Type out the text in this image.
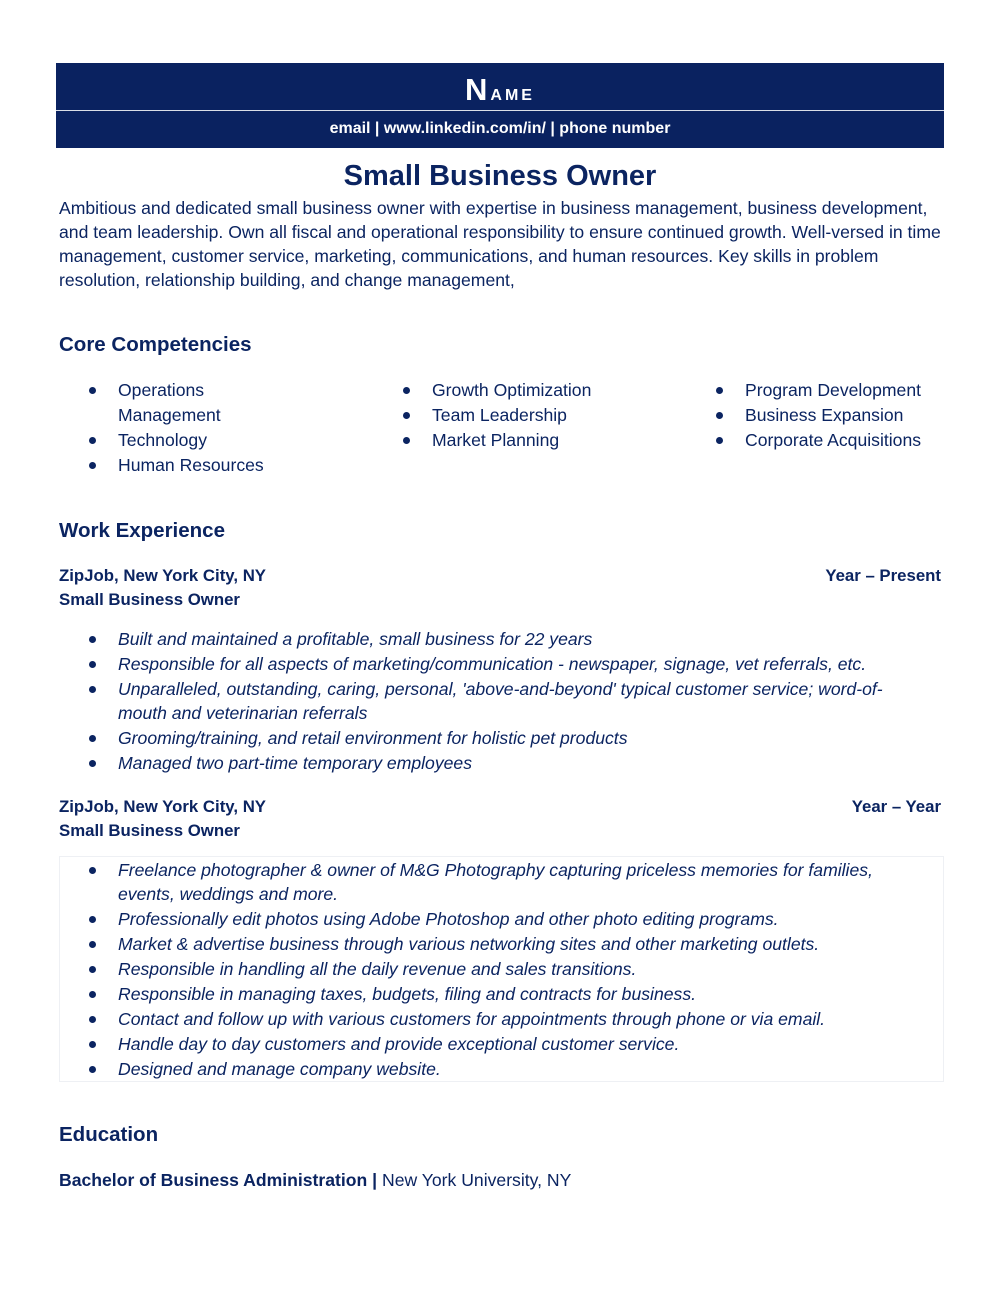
Name
email | www.linkedin.com/in/ | phone number
Small Business Owner
Ambitious and dedicated small business owner with expertise in business management, business development, and team leadership. Own all fiscal and operational responsibility to ensure continued growth. Well-versed in time management, customer service, marketing, communications, and human resources. Key skills in problem resolution, relationship building, and change management,
Core Competencies
Operations Management
Technology
Human Resources
Growth Optimization
Team Leadership
Market Planning
Program Development
Business Expansion
Corporate Acquisitions
Work Experience
ZipJob, New York City, NY	Year – Present
Small Business Owner
Built and maintained a profitable, small business for 22 years
Responsible for all aspects of marketing/communication - newspaper, signage, vet referrals, etc.
Unparalleled, outstanding, caring, personal, 'above-and-beyond' typical customer service; word-of-mouth and veterinarian referrals
Grooming/training, and retail environment for holistic pet products
Managed two part-time temporary employees
ZipJob, New York City, NY	Year – Year
Small Business Owner
Freelance photographer & owner of M&G Photography capturing priceless memories for families, events, weddings and more.
Professionally edit photos using Adobe Photoshop and other photo editing programs.
Market & advertise business through various networking sites and other marketing outlets.
Responsible in handling all the daily revenue and sales transitions.
Responsible in managing taxes, budgets, filing and contracts for business.
Contact and follow up with various customers for appointments through phone or via email.
Handle day to day customers and provide exceptional customer service.
Designed and manage company website.
Education
Bachelor of Business Administration | New York University, NY
